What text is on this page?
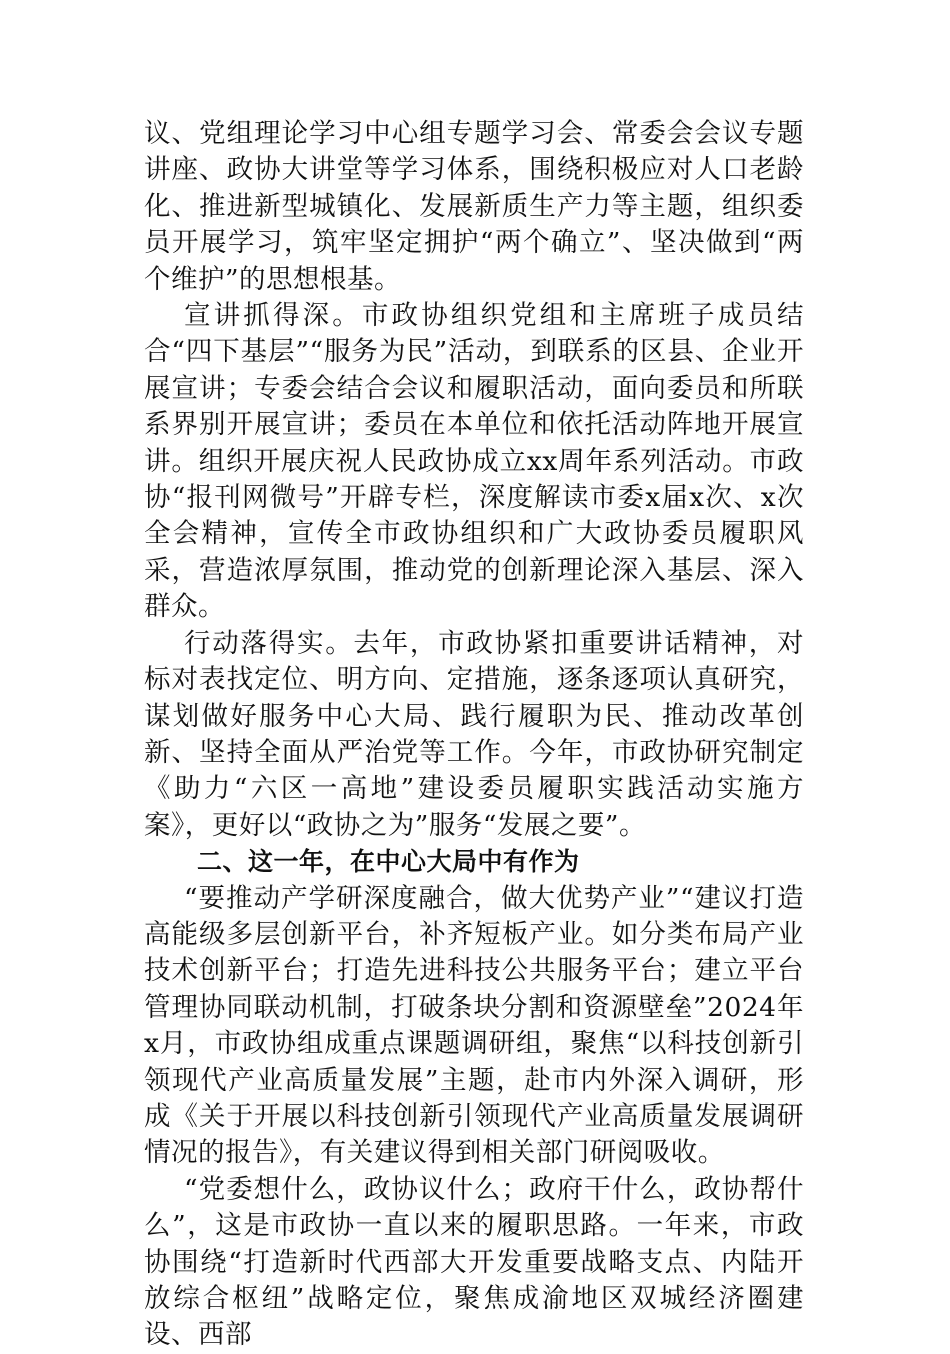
议、党组理论学习中心组专题学习会、常委会会议专题讲座、政协大讲堂等学习体系，围绕积极应对人口老龄化、推进新型城镇化、发展新质生产力等主题，组织委员开展学习，筑牢坚定拥护“两个确立”、坚决做到“两个维护”的思想根基。

宣讲抓得深。市政协组织党组和主席班子成员结合“四下基层”“服务为民”活动，到联系的区县、企业开展宣讲；专委会结合会议和履职活动，面向委员和所联系界别开展宣讲；委员在本单位和依托活动阵地开展宣讲。组织开展庆祝人民政协成立xx周年系列活动。市政协“报刊网微号”开辟专栏，深度解读市委x届x次、x次全会精神，宣传全市政协组织和广大政协委员履职风采，营造浓厚氛围，推动党的创新理论深入基层、深入群众。

行动落得实。去年，市政协紧扣重要讲话精神，对标对表找定位、明方向、定措施，逐条逐项认真研究，谋划做好服务中心大局、践行履职为民、推动改革创新、坚持全面从严治党等工作。今年，市政协研究制定《助力“六区一高地”建设委员履职实践活动实施方案》，更好以“政协之为”服务“发展之要”。

二、这一年，在中心大局中有作为

“要推动产学研深度融合，做大优势产业”“建议打造高能级多层创新平台，补齐短板产业。如分类布局产业技术创新平台；打造先进科技公共服务平台；建立平台管理协同联动机制，打破条块分割和资源壁垒”2024年x月，市政协组成重点课题调研组，聚焦“以科技创新引领现代产业高质量发展”主题，赴市内外深入调研，形成《关于开展以科技创新引领现代产业高质量发展调研情况的报告》，有关建议得到相关部门研阅吸收。

“党委想什么，政协议什么；政府干什么，政协帮什么”，这是市政协一直以来的履职思路。一年来，市政协围绕“打造新时代西部大开发重要战略支点、内陆开放综合枢纽”战略定位，聚焦成渝地区双城经济圈建设、西部
